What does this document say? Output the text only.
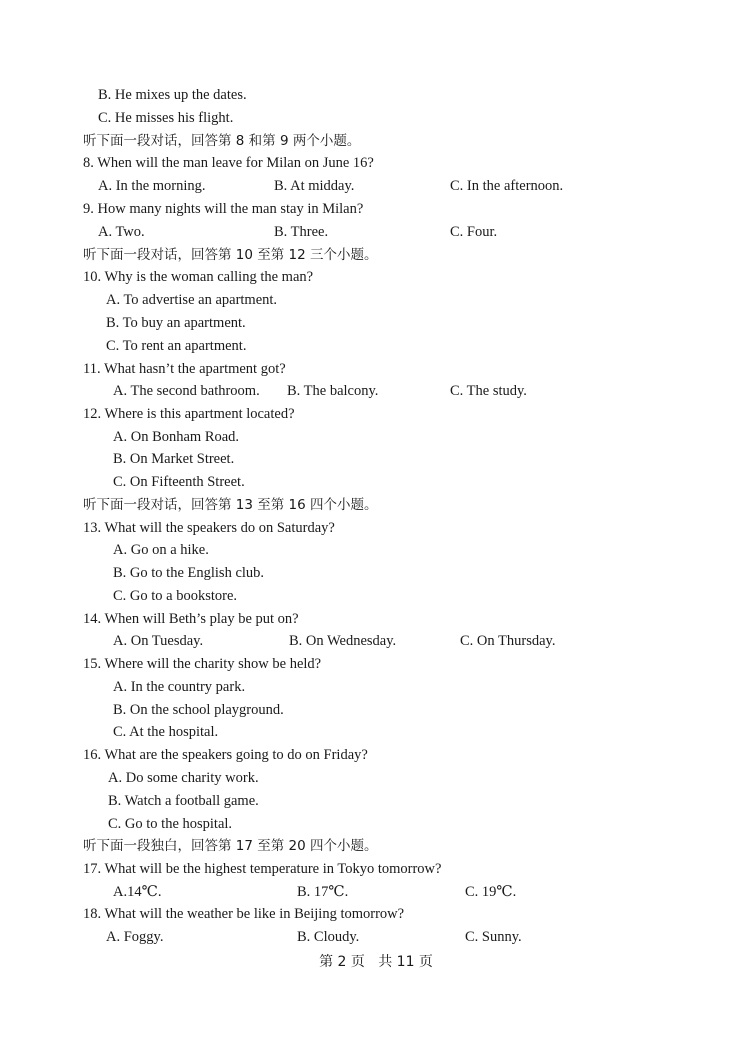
B. He mixes up the dates.
C. He misses his flight.
听下面一段对话，回答第 8 和第 9 两个小题。
8. When will the man leave for Milan on June 16?
A. In the morning.	B. At midday.	C. In the afternoon.
9. How many nights will the man stay in Milan?
A. Two.	B. Three.	C. Four.
听下面一段对话，回答第 10 至第 12 三个小题。
10. Why is the woman calling the man?
A. To advertise an apartment.
B. To buy an apartment.
C. To rent an apartment.
11. What hasn’t the apartment got?
A. The second bathroom. B. The balcony.	C. The study.
12. Where is this apartment located?
A. On Bonham Road.
B. On Market Street.
C. On Fifteenth Street.
听下面一段对话，回答第 13 至第 16 四个小题。
13. What will the speakers do on Saturday?
A. Go on a hike.
B. Go to the English club.
C. Go to a bookstore.
14. When will Beth’s play be put on?
A. On Tuesday.	B. On Wednesday.	C. On Thursday.
15. Where will the charity show be held?
A. In the country park.
B. On the school playground.
C. At the hospital.
16. What are the speakers going to do on Friday?
A. Do some charity work.
B. Watch a football game.
C. Go to the hospital.
听下面一段独白，回答第 17 至第 20 四个小题。
17. What will be the highest temperature in Tokyo tomorrow?
A.14℃.	B. 17℃.	C. 19℃.
18. What will the weather be like in Beijing tomorrow?
A. Foggy.	B. Cloudy.	C. Sunny.
第 2 页   共 11 页
